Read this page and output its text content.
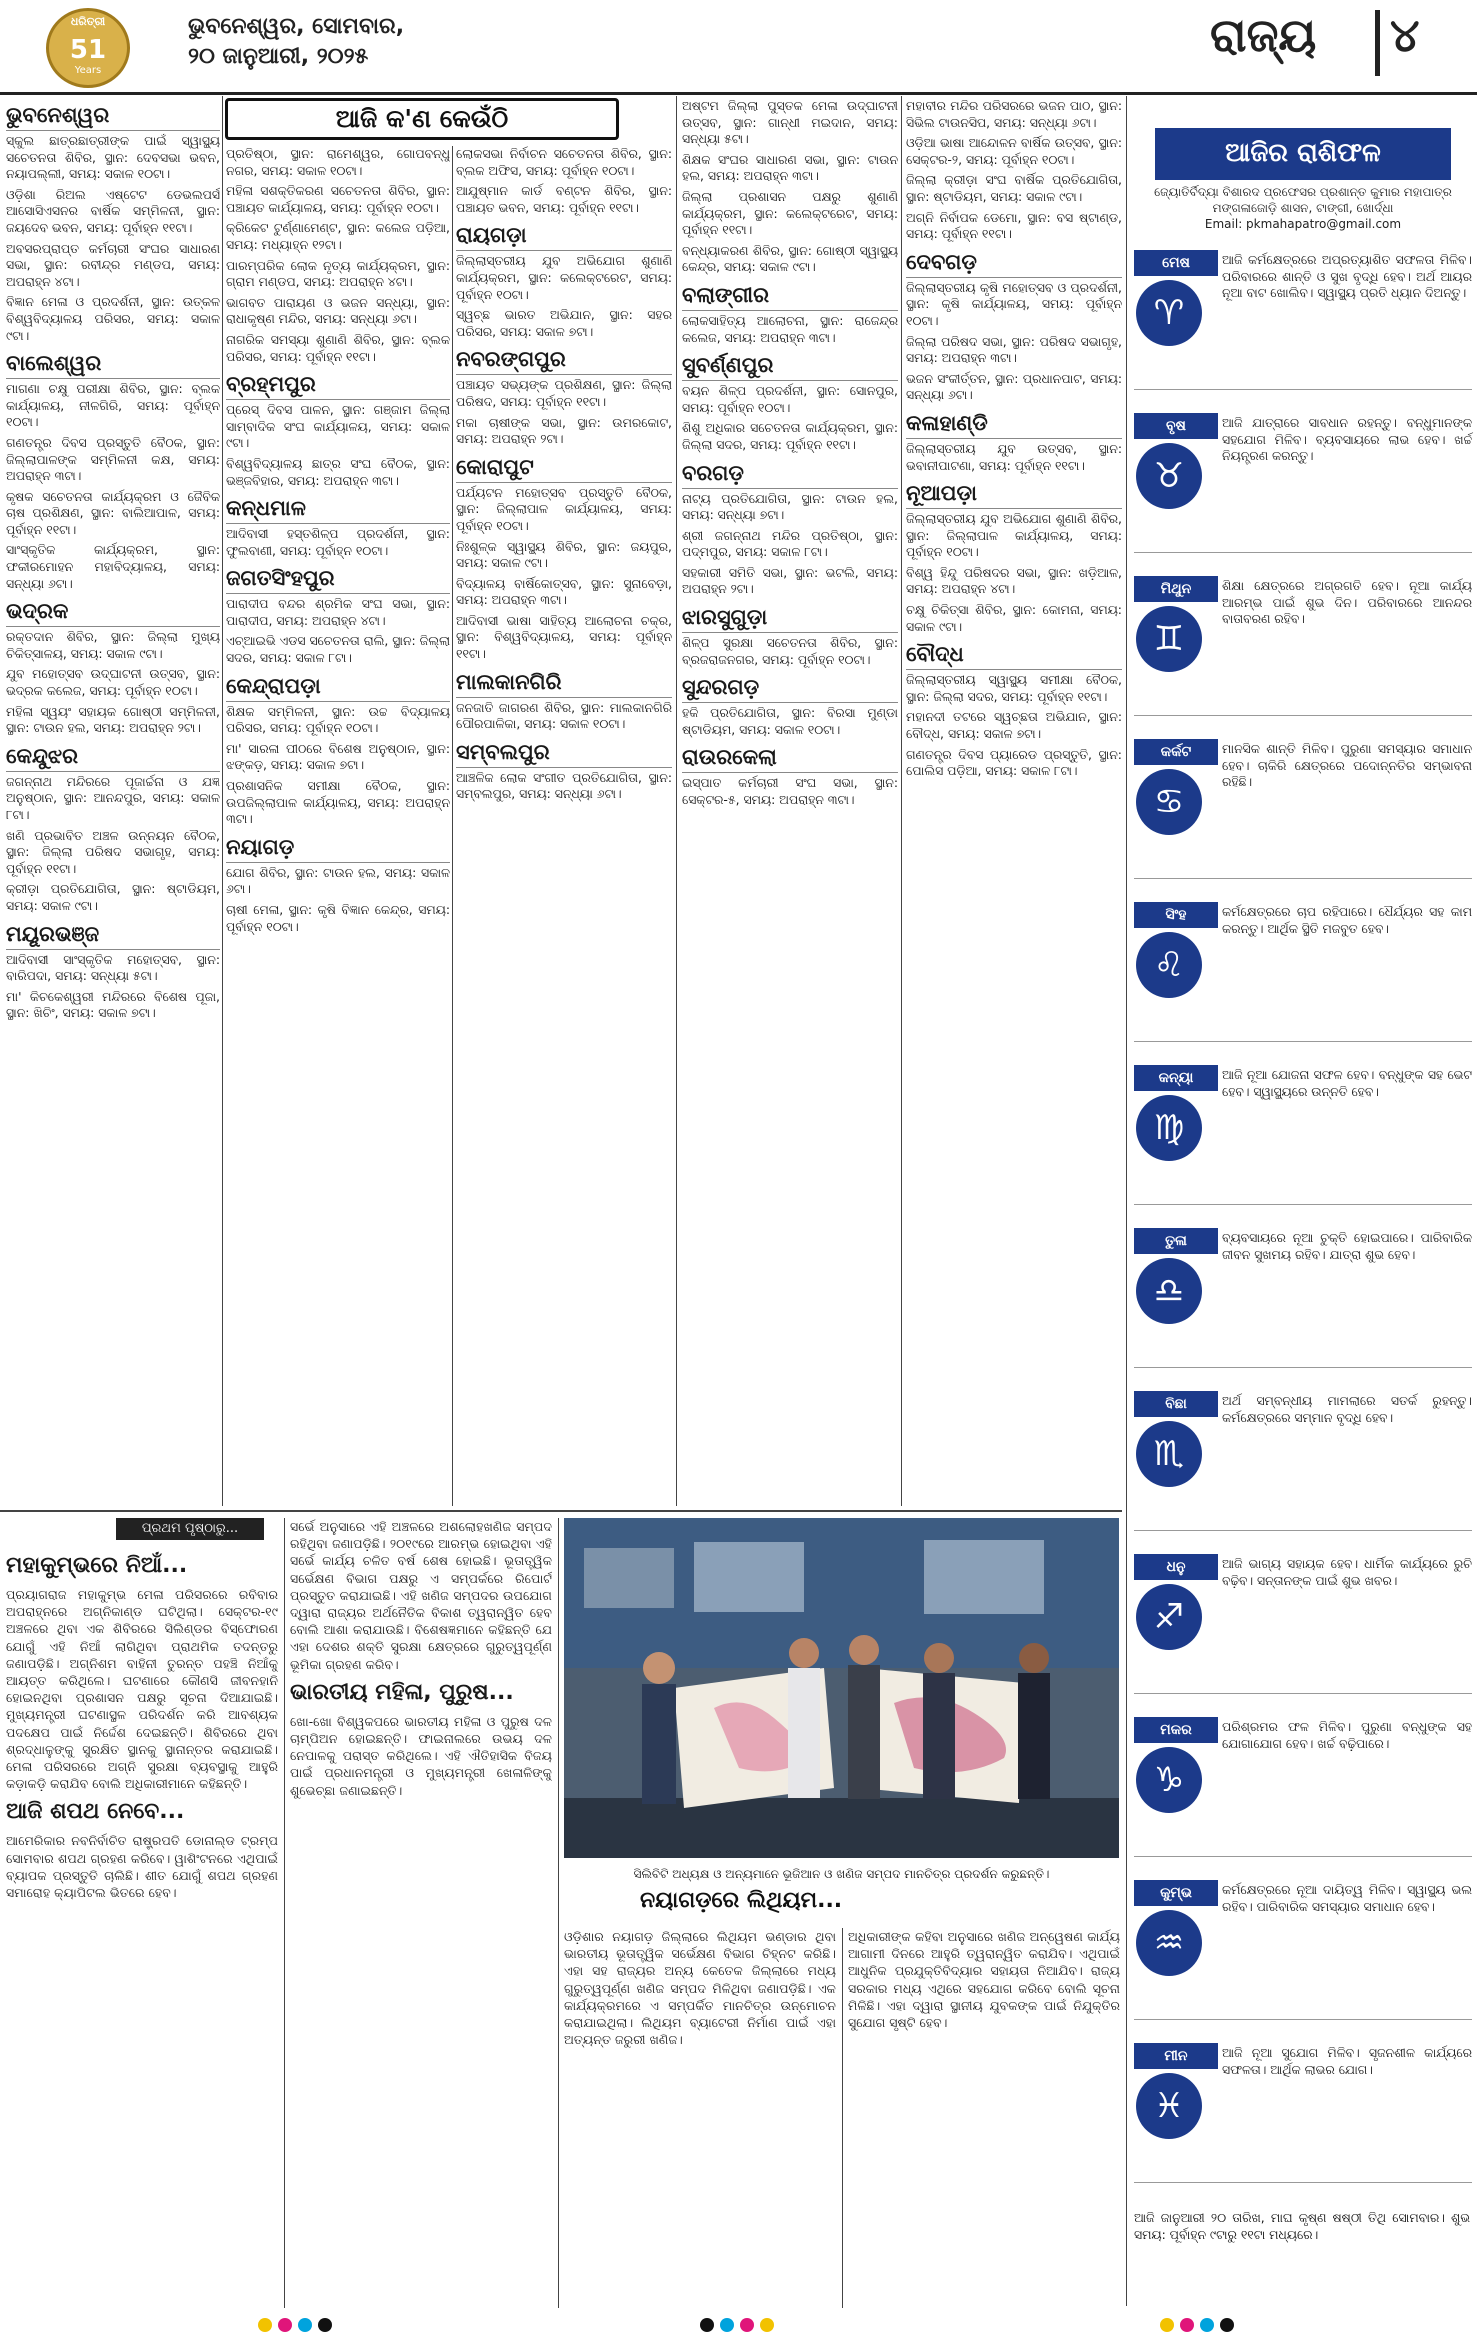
ଧରିତ୍ରୀ
51
Years
ଭୁବନେଶ୍ୱର, ସୋମବାର,
୨୦ ଜାନୁଆରୀ, ୨୦୨୫	ରାଜ୍ୟ ୪
ଆଜି କ'ଣ କେଉଁଠି
ଭୁବନେଶ୍ୱର

ସ୍କୁଲ ଛାତ୍ରଛାତ୍ରୀଙ୍କ ପାଇଁ ସ୍ୱାସ୍ଥ୍ୟ ସଚେତନତା ଶିବିର, ସ୍ଥାନ: ଦେବସଭା ଭବନ, ନୟାପଲ୍ଲୀ, ସମୟ: ସକାଳ ୧୦ଟା।

ଓଡ଼ିଶା ରିଅଲ ଏଷ୍ଟେଟ ଡେଭଲପର୍ସ ଆସୋସିଏସନର ବାର୍ଷିକ ସମ୍ମିଳନୀ, ସ୍ଥାନ: ଜୟଦେବ ଭବନ, ସମୟ: ପୂର୍ବାହ୍ନ ୧୧ଟା।

ଅବସରପ୍ରାପ୍ତ କର୍ମଚାରୀ ସଂଘର ସାଧାରଣ ସଭା, ସ୍ଥାନ: ରବୀନ୍ଦ୍ର ମଣ୍ଡପ, ସମୟ: ଅପରାହ୍ନ ୪ଟା।

ବିଜ୍ଞାନ ମେଳା ଓ ପ୍ରଦର୍ଶନୀ, ସ୍ଥାନ: ଉତ୍କଳ ବିଶ୍ୱବିଦ୍ୟାଳୟ ପରିସର, ସମୟ: ସକାଳ ୯ଟା।

ବାଲେଶ୍ୱର

ମାଗଣା ଚକ୍ଷୁ ପରୀକ୍ଷା ଶିବିର, ସ୍ଥାନ: ବ୍ଲକ କାର୍ଯ୍ୟାଳୟ, ନୀଳଗିରି, ସମୟ: ପୂର୍ବାହ୍ନ ୧୦ଟା।

ଗଣତନ୍ତ୍ର ଦିବସ ପ୍ରସ୍ତୁତି ବୈଠକ, ସ୍ଥାନ: ଜିଲ୍ଲାପାଳଙ୍କ ସମ୍ମିଳନୀ କକ୍ଷ, ସମୟ: ଅପରାହ୍ନ ୩ଟା।

କୃଷକ ସଚେତନତା କାର୍ଯ୍ୟକ୍ରମ ଓ ଜୈବିକ ଚାଷ ପ୍ରଶିକ୍ଷଣ, ସ୍ଥାନ: ବାଲିଆପାଳ, ସମୟ: ପୂର୍ବାହ୍ନ ୧୧ଟା।

ସାଂସ୍କୃତିକ କାର୍ଯ୍ୟକ୍ରମ, ସ୍ଥାନ: ଫକୀରମୋହନ ମହାବିଦ୍ୟାଳୟ, ସମୟ: ସନ୍ଧ୍ୟା ୬ଟା।

ଭଦ୍ରକ

ରକ୍ତଦାନ ଶିବିର, ସ୍ଥାନ: ଜିଲ୍ଲା ମୁଖ୍ୟ ଚିକିତ୍ସାଳୟ, ସମୟ: ସକାଳ ୯ଟା।

ଯୁବ ମହୋତ୍ସବ ଉଦ୍‌ଘାଟନୀ ଉତ୍ସବ, ସ୍ଥାନ: ଭଦ୍ରକ କଲେଜ, ସମୟ: ପୂର୍ବାହ୍ନ ୧୦ଟା।

ମହିଳା ସ୍ୱୟଂ ସହାୟକ ଗୋଷ୍ଠୀ ସମ୍ମିଳନୀ, ସ୍ଥାନ: ଟାଉନ ହଲ, ସମୟ: ଅପରାହ୍ନ ୨ଟା।

କେନ୍ଦୁଝର

ଜଗନ୍ନାଥ ମନ୍ଦିରରେ ପୂଜାର୍ଚ୍ଚନା ଓ ଯଜ୍ଞ ଅନୁଷ୍ଠାନ, ସ୍ଥାନ: ଆନନ୍ଦପୁର, ସମୟ: ସକାଳ ୮ଟା।

ଖଣି ପ୍ରଭାବିତ ଅଞ୍ଚଳ ଉନ୍ନୟନ ବୈଠକ, ସ୍ଥାନ: ଜିଲ୍ଲା ପରିଷଦ ସଭାଗୃହ, ସମୟ: ପୂର୍ବାହ୍ନ ୧୧ଟା।

କ୍ରୀଡ଼ା ପ୍ରତିଯୋଗିତା, ସ୍ଥାନ: ଷ୍ଟାଡିୟମ, ସମୟ: ସକାଳ ୯ଟା।

ମୟୂରଭଞ୍ଜ

ଆଦିବାସୀ ସାଂସ୍କୃତିକ ମହୋତ୍ସବ, ସ୍ଥାନ: ବାରିପଦା, ସମୟ: ସନ୍ଧ୍ୟା ୫ଟା।

ମା' କିଚକେଶ୍ୱରୀ ମନ୍ଦିରରେ ବିଶେଷ ପୂଜା, ସ୍ଥାନ: ଖିଚିଂ, ସମୟ: ସକାଳ ୭ଟା।

ପ୍ରତିଷ୍ଠା, ସ୍ଥାନ: ରାମେଶ୍ୱର, ଗୋପବନ୍ଧୁ ନଗର, ସମୟ: ସକାଳ ୧୦ଟା।

ମହିଳା ସଶକ୍ତିକରଣ ସଚେତନତା ଶିବିର, ସ୍ଥାନ: ପଞ୍ଚାୟତ କାର୍ଯ୍ୟାଳୟ, ସମୟ: ପୂର୍ବାହ୍ନ ୧୦ଟା।

କ୍ରିକେଟ ଟୁର୍ଣ୍ଣାମେଣ୍ଟ, ସ୍ଥାନ: କଲେଜ ପଡ଼ିଆ, ସମୟ: ମଧ୍ୟାହ୍ନ ୧୨ଟା।

ପାରମ୍ପରିକ ଲୋକ ନୃତ୍ୟ କାର୍ଯ୍ୟକ୍ରମ, ସ୍ଥାନ: ଗ୍ରାମ ମଣ୍ଡପ, ସମୟ: ଅପରାହ୍ନ ୪ଟା।

ଭାଗବତ ପାରାୟଣ ଓ ଭଜନ ସନ୍ଧ୍ୟା, ସ୍ଥାନ: ରାଧାକୃଷ୍ଣ ମନ୍ଦିର, ସମୟ: ସନ୍ଧ୍ୟା ୬ଟା।

ନାଗରିକ ସମସ୍ୟା ଶୁଣାଣି ଶିବିର, ସ୍ଥାନ: ବ୍ଲକ ପରିସର, ସମୟ: ପୂର୍ବାହ୍ନ ୧୧ଟା।

ବ୍ରହ୍ମପୁର

ପ୍ରେସ୍ ଦିବସ ପାଳନ, ସ୍ଥାନ: ଗଞ୍ଜାମ ଜିଲ୍ଲା ସାମ୍ବାଦିକ ସଂଘ କାର୍ଯ୍ୟାଳୟ, ସମୟ: ସକାଳ ୯ଟା।

ବିଶ୍ୱବିଦ୍ୟାଳୟ ଛାତ୍ର ସଂଘ ବୈଠକ, ସ୍ଥାନ: ଭଞ୍ଜବିହାର, ସମୟ: ଅପରାହ୍ନ ୩ଟା।

କନ୍ଧମାଳ

ଆଦିବାସୀ ହସ୍ତଶିଳ୍ପ ପ୍ରଦର୍ଶନୀ, ସ୍ଥାନ: ଫୁଲବାଣୀ, ସମୟ: ପୂର୍ବାହ୍ନ ୧୦ଟା।

ଜଗତସିଂହପୁର

ପାରାଦୀପ ବନ୍ଦର ଶ୍ରମିକ ସଂଘ ସଭା, ସ୍ଥାନ: ପାରାଦୀପ, ସମୟ: ଅପରାହ୍ନ ୪ଟା।

ଏଚ୍‌ଆଇଭି ଏଡସ ସଚେତନତା ରାଲି, ସ୍ଥାନ: ଜିଲ୍ଲା ସଦର, ସମୟ: ସକାଳ ୮ଟା।

କେନ୍ଦ୍ରାପଡ଼ା

ଶିକ୍ଷକ ସମ୍ମିଳନୀ, ସ୍ଥାନ: ଉଚ୍ଚ ବିଦ୍ୟାଳୟ ପରିସର, ସମୟ: ପୂର୍ବାହ୍ନ ୧୦ଟା।

ମା' ସାରଳା ପୀଠରେ ବିଶେଷ ଅନୁଷ୍ଠାନ, ସ୍ଥାନ: ଝଙ୍କଡ଼, ସମୟ: ସକାଳ ୭ଟା।

ପ୍ରଶାସନିକ ସମୀକ୍ଷା ବୈଠକ, ସ୍ଥାନ: ଉପଜିଲ୍ଲାପାଳ କାର୍ଯ୍ୟାଳୟ, ସମୟ: ଅପରାହ୍ନ ୩ଟା।

ନୟାଗଡ଼

ଯୋଗ ଶିବିର, ସ୍ଥାନ: ଟାଉନ ହଲ, ସମୟ: ସକାଳ ୬ଟା।

ଚାଷୀ ମେଳା, ସ୍ଥାନ: କୃଷି ବିଜ୍ଞାନ କେନ୍ଦ୍ର, ସମୟ: ପୂର୍ବାହ୍ନ ୧୦ଟା।

ଲୋକସଭା ନିର୍ବାଚନ ସଚେତନତା ଶିବିର, ସ୍ଥାନ: ବ୍ଲକ ଅଫିସ, ସମୟ: ପୂର୍ବାହ୍ନ ୧୦ଟା।

ଆଯୁଷ୍ମାନ କାର୍ଡ ବଣ୍ଟନ ଶିବିର, ସ୍ଥାନ: ପଞ୍ଚାୟତ ଭବନ, ସମୟ: ପୂର୍ବାହ୍ନ ୧୧ଟା।

ରାୟଗଡ଼ା

ଜିଲ୍ଲାସ୍ତରୀୟ ଯୁବ ଅଭିଯୋଗ ଶୁଣାଣି କାର୍ଯ୍ୟକ୍ରମ, ସ୍ଥାନ: କଲେକ୍ଟରେଟ, ସମୟ: ପୂର୍ବାହ୍ନ ୧୦ଟା।

ସ୍ୱଚ୍ଛ ଭାରତ ଅଭିଯାନ, ସ୍ଥାନ: ସହର ପରିସର, ସମୟ: ସକାଳ ୭ଟା।

ନବରଙ୍ଗପୁର

ପଞ୍ଚାୟତ ସଭ୍ୟଙ୍କ ପ୍ରଶିକ୍ଷଣ, ସ୍ଥାନ: ଜିଲ୍ଲା ପରିଷଦ, ସମୟ: ପୂର୍ବାହ୍ନ ୧୧ଟା।

ମକା ଚାଷୀଙ୍କ ସଭା, ସ୍ଥାନ: ଉମରକୋଟ, ସମୟ: ଅପରାହ୍ନ ୨ଟା।

କୋରାପୁଟ

ପର୍ଯ୍ୟଟନ ମହୋତ୍ସବ ପ୍ରସ୍ତୁତି ବୈଠକ, ସ୍ଥାନ: ଜିଲ୍ଲାପାଳ କାର୍ଯ୍ୟାଳୟ, ସମୟ: ପୂର୍ବାହ୍ନ ୧୦ଟା।

ନିଃଶୁଳ୍କ ସ୍ୱାସ୍ଥ୍ୟ ଶିବିର, ସ୍ଥାନ: ଜୟପୁର, ସମୟ: ସକାଳ ୯ଟା।

ବିଦ୍ୟାଳୟ ବାର୍ଷିକୋତ୍ସବ, ସ୍ଥାନ: ସୁନାବେଡ଼ା, ସମୟ: ଅପରାହ୍ନ ୩ଟା।

ଆଦିବାସୀ ଭାଷା ସାହିତ୍ୟ ଆଲୋଚନା ଚକ୍ର, ସ୍ଥାନ: ବିଶ୍ୱବିଦ୍ୟାଳୟ, ସମୟ: ପୂର୍ବାହ୍ନ ୧୧ଟା।

ମାଲକାନଗିରି

ଜନଜାତି ଜାଗରଣ ଶିବିର, ସ୍ଥାନ: ମାଲକାନଗିରି ପୌରପାଳିକା, ସମୟ: ସକାଳ ୧୦ଟା।

ସମ୍ବଲପୁର

ଆଞ୍ଚଳିକ ଲୋକ ସଂଗୀତ ପ୍ରତିଯୋଗିତା, ସ୍ଥାନ: ସମ୍ବଲପୁର, ସମୟ: ସନ୍ଧ୍ୟା ୬ଟା।

ଅଷ୍ଟମ ଜିଲ୍ଲା ପୁସ୍ତକ ମେଳା ଉଦ୍‌ଘାଟନୀ ଉତ୍ସବ, ସ୍ଥାନ: ଗାନ୍ଧୀ ମଇଦାନ, ସମୟ: ସନ୍ଧ୍ୟା ୫ଟା।

ଶିକ୍ଷକ ସଂଘର ସାଧାରଣ ସଭା, ସ୍ଥାନ: ଟାଉନ ହଲ, ସମୟ: ଅପରାହ୍ନ ୩ଟା।

ଜିଲ୍ଲା ପ୍ରଶାସନ ପକ୍ଷରୁ ଶୁଣାଣି କାର୍ଯ୍ୟକ୍ରମ, ସ୍ଥାନ: କଲେକ୍ଟରେଟ, ସମୟ: ପୂର୍ବାହ୍ନ ୧୧ଟା।

ବନ୍ଧ୍ୟାକରଣ ଶିବିର, ସ୍ଥାନ: ଗୋଷ୍ଠୀ ସ୍ୱାସ୍ଥ୍ୟ କେନ୍ଦ୍ର, ସମୟ: ସକାଳ ୯ଟା।

ବଲାଙ୍ଗୀର

ଲୋକସାହିତ୍ୟ ଆଲୋଚନା, ସ୍ଥାନ: ରାଜେନ୍ଦ୍ର କଲେଜ, ସମୟ: ଅପରାହ୍ନ ୩ଟା।

ସୁବର୍ଣ୍ଣପୁର

ବୟନ ଶିଳ୍ପ ପ୍ରଦର୍ଶନୀ, ସ୍ଥାନ: ସୋନପୁର, ସମୟ: ପୂର୍ବାହ୍ନ ୧୦ଟା।

ଶିଶୁ ଅଧିକାର ସଚେତନତା କାର୍ଯ୍ୟକ୍ରମ, ସ୍ଥାନ: ଜିଲ୍ଲା ସଦର, ସମୟ: ପୂର୍ବାହ୍ନ ୧୧ଟା।

ବରଗଡ଼

ନାଟ୍ୟ ପ୍ରତିଯୋଗିତା, ସ୍ଥାନ: ଟାଉନ ହଲ, ସମୟ: ସନ୍ଧ୍ୟା ୭ଟା।

ଶ୍ରୀ ଜଗନ୍ନାଥ ମନ୍ଦିର ପ୍ରତିଷ୍ଠା, ସ୍ଥାନ: ପଦ୍ମପୁର, ସମୟ: ସକାଳ ୮ଟା।

ସହକାରୀ ସମିତି ସଭା, ସ୍ଥାନ: ଭଟଲି, ସମୟ: ଅପରାହ୍ନ ୨ଟା।

ଝାରସୁଗୁଡ଼ା

ଶିଳ୍ପ ସୁରକ୍ଷା ସଚେତନତା ଶିବିର, ସ୍ଥାନ: ବ୍ରଜରାଜନଗର, ସମୟ: ପୂର୍ବାହ୍ନ ୧୦ଟା।

ସୁନ୍ଦରଗଡ଼

ହକି ପ୍ରତିଯୋଗିତା, ସ୍ଥାନ: ବିରସା ମୁଣ୍ଡା ଷ୍ଟାଡିୟମ, ସମୟ: ସକାଳ ୧୦ଟା।

ରାଉରକେଲା

ଇସ୍ପାତ କର୍ମଚାରୀ ସଂଘ ସଭା, ସ୍ଥାନ: ସେକ୍ଟର-୫, ସମୟ: ଅପରାହ୍ନ ୩ଟା।

ମହାବୀର ମନ୍ଦିର ପରିସରରେ ଭଜନ ପାଠ, ସ୍ଥାନ: ସିଭିଲ ଟାଉନସିପ, ସମୟ: ସନ୍ଧ୍ୟା ୬ଟା।

ଓଡ଼ିଆ ଭାଷା ଆନ୍ଦୋଳନ ବାର୍ଷିକ ଉତ୍ସବ, ସ୍ଥାନ: ସେକ୍ଟର-୨, ସମୟ: ପୂର୍ବାହ୍ନ ୧୦ଟା।

ଜିଲ୍ଲା କ୍ରୀଡ଼ା ସଂଘ ବାର୍ଷିକ ପ୍ରତିଯୋଗିତା, ସ୍ଥାନ: ଷ୍ଟାଡିୟମ, ସମୟ: ସକାଳ ୯ଟା।

ଅଗ୍ନି ନିର୍ବାପକ ଡେମୋ, ସ୍ଥାନ: ବସ ଷ୍ଟାଣ୍ଡ, ସମୟ: ପୂର୍ବାହ୍ନ ୧୧ଟା।

ଦେବଗଡ଼

ଜିଲ୍ଲାସ୍ତରୀୟ କୃଷି ମହୋତ୍ସବ ଓ ପ୍ରଦର୍ଶନୀ, ସ୍ଥାନ: କୃଷି କାର୍ଯ୍ୟାଳୟ, ସମୟ: ପୂର୍ବାହ୍ନ ୧୦ଟା।

ଜିଲ୍ଲା ପରିଷଦ ସଭା, ସ୍ଥାନ: ପରିଷଦ ସଭାଗୃହ, ସମୟ: ଅପରାହ୍ନ ୩ଟା।

ଭଜନ ସଂକୀର୍ତ୍ତନ, ସ୍ଥାନ: ପ୍ରଧାନପାଟ, ସମୟ: ସନ୍ଧ୍ୟା ୬ଟା।

କଳାହାଣ୍ଡି

ଜିଲ୍ଲାସ୍ତରୀୟ ଯୁବ ଉତ୍ସବ, ସ୍ଥାନ: ଭବାନୀପାଟଣା, ସମୟ: ପୂର୍ବାହ୍ନ ୧୧ଟା।

ନୂଆପଡ଼ା

ଜିଲ୍ଲାସ୍ତରୀୟ ଯୁବ ଅଭିଯୋଗ ଶୁଣାଣି ଶିବିର, ସ୍ଥାନ: ଜିଲ୍ଲାପାଳ କାର୍ଯ୍ୟାଳୟ, ସମୟ: ପୂର୍ବାହ୍ନ ୧୦ଟା।

ବିଶ୍ୱ ହିନ୍ଦୁ ପରିଷଦର ସଭା, ସ୍ଥାନ: ଖଡ଼ିଆଳ, ସମୟ: ଅପରାହ୍ନ ୪ଟା।

ଚକ୍ଷୁ ଚିକିତ୍ସା ଶିବିର, ସ୍ଥାନ: କୋମନା, ସମୟ: ସକାଳ ୯ଟା।

ବୌଦ୍ଧ

ଜିଲ୍ଲାସ୍ତରୀୟ ସ୍ୱାସ୍ଥ୍ୟ ସମୀକ୍ଷା ବୈଠକ, ସ୍ଥାନ: ଜିଲ୍ଲା ସଦର, ସମୟ: ପୂର୍ବାହ୍ନ ୧୧ଟା।

ମହାନଦୀ ତଟରେ ସ୍ୱଚ୍ଛତା ଅଭିଯାନ, ସ୍ଥାନ: ବୌଦ୍ଧ, ସମୟ: ସକାଳ ୭ଟା।

ଗଣତନ୍ତ୍ର ଦିବସ ପ୍ୟାରେଡ ପ୍ରସ୍ତୁତି, ସ୍ଥାନ: ପୋଲିସ ପଡ଼ିଆ, ସମୟ: ସକାଳ ୮ଟା।

ଆଜିର ରାଶିଫଳ
ଜ୍ୟୋତିର୍ବିଦ୍ୟା ବିଶାରଦ ପ୍ରଫେସର ପ୍ରଶାନ୍ତ କୁମାର ମହାପାତ୍ର
ମଙ୍ଗଳାଜୋଡ଼ି ଶାସନ, ଟାଙ୍ଗୀ, ଖୋର୍ଦ୍ଧା
Email: pkmahapatro@gmail.com
ମେଷ
♈
ଆଜି କର୍ମକ୍ଷେତ୍ରରେ ଅପ୍ରତ୍ୟାଶିତ ସଫଳତା ମିଳିବ। ପରିବାରରେ ଶାନ୍ତି ଓ ସୁଖ ବୃଦ୍ଧି ହେବ। ଅର୍ଥ ଆୟର ନୂଆ ବାଟ ଖୋଲିବ। ସ୍ୱାସ୍ଥ୍ୟ ପ୍ରତି ଧ୍ୟାନ ଦିଅନ୍ତୁ।
ବୃଷ
♉
ଆଜି ଯାତ୍ରାରେ ସାବଧାନ ରହନ୍ତୁ। ବନ୍ଧୁମାନଙ୍କ ସହଯୋଗ ମିଳିବ। ବ୍ୟବସାୟରେ ଲାଭ ହେବ। ଖର୍ଚ୍ଚ ନିୟନ୍ତ୍ରଣ କରନ୍ତୁ।
ମିଥୁନ
♊
ଶିକ୍ଷା କ୍ଷେତ୍ରରେ ଅଗ୍ରଗତି ହେବ। ନୂଆ କାର୍ଯ୍ୟ ଆରମ୍ଭ ପାଇଁ ଶୁଭ ଦିନ। ପରିବାରରେ ଆନନ୍ଦର ବାତାବରଣ ରହିବ।
କର୍କଟ
♋
ମାନସିକ ଶାନ୍ତି ମିଳିବ। ପୁରୁଣା ସମସ୍ୟାର ସମାଧାନ ହେବ। ଚାକିରି କ୍ଷେତ୍ରରେ ପଦୋନ୍ନତିର ସମ୍ଭାବନା ରହିଛି।
ସିଂହ
♌
କର୍ମକ୍ଷେତ୍ରରେ ଚାପ ରହିପାରେ। ଧୈର୍ଯ୍ୟର ସହ କାମ କରନ୍ତୁ। ଆର୍ଥିକ ସ୍ଥିତି ମଜବୁତ ହେବ।
କନ୍ୟା
♍
ଆଜି ନୂଆ ଯୋଜନା ସଫଳ ହେବ। ବନ୍ଧୁଙ୍କ ସହ ଭେଟ ହେବ। ସ୍ୱାସ୍ଥ୍ୟରେ ଉନ୍ନତି ହେବ।
ତୁଳା
♎
ବ୍ୟବସାୟରେ ନୂଆ ଚୁକ୍ତି ହୋଇପାରେ। ପାରିବାରିକ ଜୀବନ ସୁଖମୟ ରହିବ। ଯାତ୍ରା ଶୁଭ ହେବ।
ବିଛା
♏
ଅର୍ଥ ସମ୍ବନ୍ଧୀୟ ମାମଲାରେ ସତର୍କ ରୁହନ୍ତୁ। କର୍ମକ୍ଷେତ୍ରରେ ସମ୍ମାନ ବୃଦ୍ଧି ହେବ।
ଧନୁ
♐
ଆଜି ଭାଗ୍ୟ ସହାୟକ ହେବ। ଧାର୍ମିକ କାର୍ଯ୍ୟରେ ରୁଚି ବଢ଼ିବ। ସନ୍ତାନଙ୍କ ପାଇଁ ଶୁଭ ଖବର।
ମକର
♑
ପରିଶ୍ରମର ଫଳ ମିଳିବ। ପୁରୁଣା ବନ୍ଧୁଙ୍କ ସହ ଯୋଗାଯୋଗ ହେବ। ଖର୍ଚ୍ଚ ବଢ଼ିପାରେ।
କୁମ୍ଭ
♒
କର୍ମକ୍ଷେତ୍ରରେ ନୂଆ ଦାୟିତ୍ୱ ମିଳିବ। ସ୍ୱାସ୍ଥ୍ୟ ଭଲ ରହିବ। ପାରିବାରିକ ସମସ୍ୟାର ସମାଧାନ ହେବ।
ମୀନ
♓
ଆଜି ନୂଆ ସୁଯୋଗ ମିଳିବ। ସୃଜନଶୀଳ କାର୍ଯ୍ୟରେ ସଫଳତା। ଆର୍ଥିକ ଲାଭର ଯୋଗ।
ଆଜି ଜାନୁଆରୀ ୨୦ ତାରିଖ, ମାଘ କୃଷ୍ଣ ଷଷ୍ଠୀ ତିଥି ସୋମବାର। ଶୁଭ ସମୟ: ପୂର୍ବାହ୍ନ ୯ଟାରୁ ୧୧ଟା ମଧ୍ୟରେ।
ପ୍ରଥମ ପୃଷ୍ଠାରୁ...
ମହାକୁମ୍ଭରେ ନିଆଁ...
ପ୍ରୟାଗରାଜ ମହାକୁମ୍ଭ ମେଳା ପରିସରରେ ରବିବାର ଅପରାହ୍ନରେ ଅଗ୍ନିକାଣ୍ଡ ଘଟିଥିଲା। ସେକ୍ଟର-୧୯ ଅଞ୍ଚଳରେ ଥିବା ଏକ ଶିବିରରେ ସିଲିଣ୍ଡର ବିସ୍ଫୋରଣ ଯୋଗୁଁ ଏହି ନିଆଁ ଲାଗିଥିବା ପ୍ରାଥମିକ ତଦନ୍ତରୁ ଜଣାପଡ଼ିଛି। ଅଗ୍ନିଶମ ବାହିନୀ ତୁରନ୍ତ ପହଞ୍ଚି ନିଆଁକୁ ଆୟତ୍ତ କରିଥିଲେ। ଘଟଣାରେ କୌଣସି ଜୀବନହାନି ହୋଇନଥିବା ପ୍ରଶାସନ ପକ୍ଷରୁ ସୂଚନା ଦିଆଯାଇଛି। ମୁଖ୍ୟମନ୍ତ୍ରୀ ଘଟଣାସ୍ଥଳ ପରିଦର୍ଶନ କରି ଆବଶ୍ୟକ ପଦକ୍ଷେପ ପାଇଁ ନିର୍ଦ୍ଦେଶ ଦେଇଛନ୍ତି। ଶିବିରରେ ଥିବା ଶ୍ରଦ୍ଧାଳୁଙ୍କୁ ସୁରକ୍ଷିତ ସ୍ଥାନକୁ ସ୍ଥାନାନ୍ତର କରାଯାଇଛି। ମେଳା ପରିସରରେ ଅଗ୍ନି ସୁରକ୍ଷା ବ୍ୟବସ୍ଥାକୁ ଆହୁରି କଡ଼ାକଡ଼ି କରାଯିବ ବୋଲି ଅଧିକାରୀମାନେ କହିଛନ୍ତି।
ଆଜି ଶପଥ ନେବେ...
ଆମେରିକାର ନବନିର୍ବାଚିତ ରାଷ୍ଟ୍ରପତି ଡୋନାଲ୍ଡ ଟ୍ରମ୍ପ ସୋମବାର ଶପଥ ଗ୍ରହଣ କରିବେ। ୱାଶିଂଟନରେ ଏଥିପାଇଁ ବ୍ୟାପକ ପ୍ରସ୍ତୁତି ଚାଲିଛି। ଶୀତ ଯୋଗୁଁ ଶପଥ ଗ୍ରହଣ ସମାରୋହ କ୍ୟାପିଟଲ ଭିତରେ ହେବ।
ସର୍ଭେ ଅନୁସାରେ ଏହି ଅଞ୍ଚଳରେ ଅଶଲୋହଖଣିଜ ସମ୍ପଦ ରହିଥିବା ଜଣାପଡ଼ିଛି। ୨୦୧୯ରେ ଆରମ୍ଭ ହୋଇଥିବା ଏହି ସର୍ଭେ କାର୍ଯ୍ୟ ଚଳିତ ବର୍ଷ ଶେଷ ହୋଇଛି। ଭୂତାତ୍ତ୍ୱିକ ସର୍ଭେକ୍ଷଣ ବିଭାଗ ପକ୍ଷରୁ ଏ ସମ୍ପର୍କରେ ରିପୋର୍ଟ ପ୍ରସ୍ତୁତ କରାଯାଇଛି। ଏହି ଖଣିଜ ସମ୍ପଦର ଉପଯୋଗ ଦ୍ୱାରା ରାଜ୍ୟର ଅର୍ଥନୈତିକ ବିକାଶ ତ୍ୱରାନ୍ୱିତ ହେବ ବୋଲି ଆଶା କରାଯାଉଛି। ବିଶେଷଜ୍ଞମାନେ କହିଛନ୍ତି ଯେ ଏହା ଦେଶର ଶକ୍ତି ସୁରକ୍ଷା କ୍ଷେତ୍ରରେ ଗୁରୁତ୍ୱପୂର୍ଣ୍ଣ ଭୂମିକା ଗ୍ରହଣ କରିବ।
ଭାରତୀୟ ମହିଳା, ପୁରୁଷ...
ଖୋ-ଖୋ ବିଶ୍ୱକପରେ ଭାରତୀୟ ମହିଳା ଓ ପୁରୁଷ ଦଳ ଚାମ୍ପିଅନ ହୋଇଛନ୍ତି। ଫାଇନାଲରେ ଉଭୟ ଦଳ ନେପାଳକୁ ପରାସ୍ତ କରିଥିଲେ। ଏହି ଐତିହାସିକ ବିଜୟ ପାଇଁ ପ୍ରଧାନମନ୍ତ୍ରୀ ଓ ମୁଖ୍ୟମନ୍ତ୍ରୀ ଖେଳାଳିଙ୍କୁ ଶୁଭେଚ୍ଛା ଜଣାଇଛନ୍ତି।
ସିଲିବିଟି ଅଧ୍ୟକ୍ଷ ଓ ଅନ୍ୟମାନେ ଭୂଜିଆନ ଓ ଖଣିଜ ସମ୍ପଦ ମାନଚିତ୍ର ପ୍ରଦର୍ଶନ କରୁଛନ୍ତି।
ନୟାଗଡ଼ରେ ଲିଥିୟମ...
ଓଡ଼ିଶାର ନୟାଗଡ଼ ଜିଲ୍ଲାରେ ଲିଥିୟମ ଭଣ୍ଡାର ଥିବା ଭାରତୀୟ ଭୂତାତ୍ତ୍ୱିକ ସର୍ଭେକ୍ଷଣ ବିଭାଗ ଚିହ୍ନଟ କରିଛି। ଏହା ସହ ରାଜ୍ୟର ଅନ୍ୟ କେତେକ ଜିଲ୍ଲାରେ ମଧ୍ୟ ଗୁରୁତ୍ୱପୂର୍ଣ୍ଣ ଖଣିଜ ସମ୍ପଦ ମିଳିଥିବା ଜଣାପଡ଼ିଛି। ଏକ କାର୍ଯ୍ୟକ୍ରମରେ ଏ ସମ୍ପର୍କିତ ମାନଚିତ୍ର ଉନ୍ମୋଚନ କରାଯାଇଥିଲା। ଲିଥିୟମ ବ୍ୟାଟେରୀ ନିର୍ମାଣ ପାଇଁ ଏହା ଅତ୍ୟନ୍ତ ଜରୁରୀ ଖଣିଜ।
ଅଧିକାରୀଙ୍କ କହିବା ଅନୁସାରେ ଖଣିଜ ଅନ୍ୱେଷଣ କାର୍ଯ୍ୟ ଆଗାମୀ ଦିନରେ ଆହୁରି ତ୍ୱରାନ୍ୱିତ କରାଯିବ। ଏଥିପାଇଁ ଆଧୁନିକ ପ୍ରଯୁକ୍ତିବିଦ୍ୟାର ସହାୟତା ନିଆଯିବ। ରାଜ୍ୟ ସରକାର ମଧ୍ୟ ଏଥିରେ ସହଯୋଗ କରିବେ ବୋଲି ସୂଚନା ମିଳିଛି। ଏହା ଦ୍ୱାରା ସ୍ଥାନୀୟ ଯୁବକଙ୍କ ପାଇଁ ନିଯୁକ୍ତିର ସୁଯୋଗ ସୃଷ୍ଟି ହେବ।
